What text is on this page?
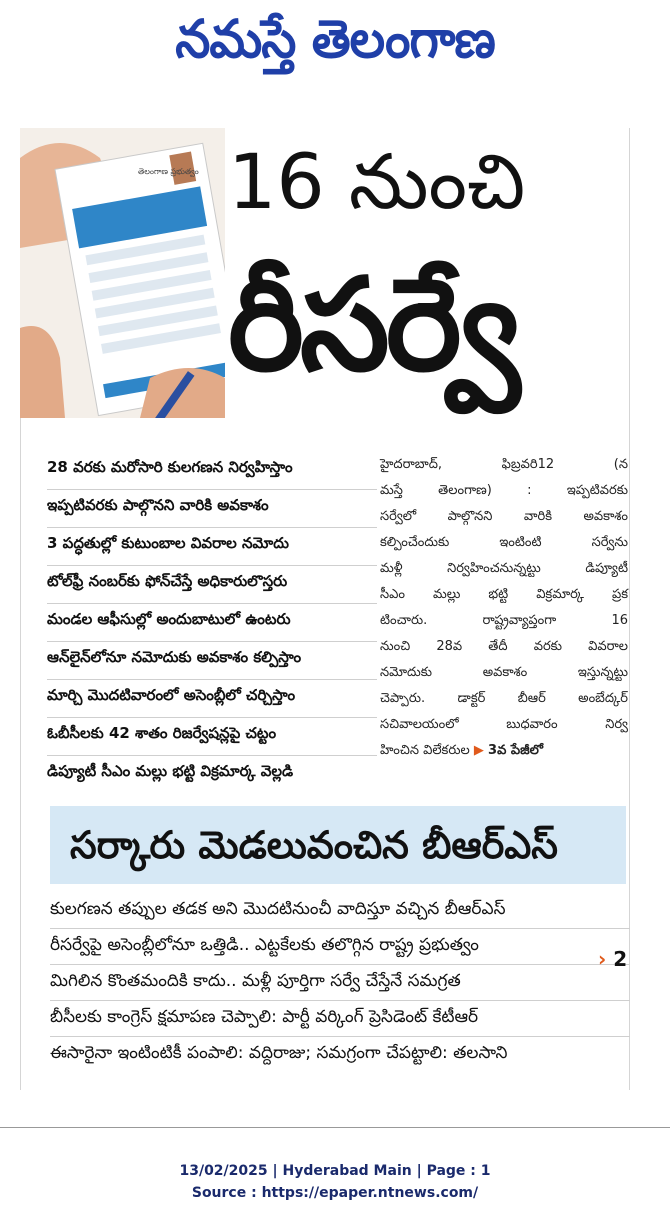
నమస్తే తెలంగాణ
తెలంగాణ ప్రభుత్వం 16 నుంచి
రీసర్వే
28 వరకు మరోసారి కులగణన నిర్వహిస్తాం
ఇప్పటివరకు పాల్గొనని వారికి అవకాశం
3 పద్ధతుల్లో కుటుంబాల వివరాల నమోదు
టోల్‌ఫ్రీ నంబర్‌కు ఫోన్‌చేస్తే అధికారులొస్తరు
మండల ఆఫీసుల్లో అందుబాటులో ఉంటరు
ఆన్‌లైన్‌లోనూ నమోదుకు అవకాశం కల్పిస్తాం
మార్చి మొదటివారంలో అసెంబ్లీలో చర్చిస్తాం
ఓబీసీలకు 42 శాతం రిజర్వేషన్లపై చట్టం
డిప్యూటీ సీఎం మల్లు భట్టి విక్రమార్క వెల్లడి

హైదరాబాద్, ఫిబ్రవరి12 (న

మస్తే తెలంగాణ) : ఇప్పటివరకు

సర్వేలో పాల్గొనని వారికి అవకాశం

కల్పించేందుకు ఇంటింటి సర్వేను

మళ్లీ నిర్వహించనున్నట్టు డిప్యూటీ

సీఎం మల్లు భట్టి విక్రమార్క ప్రక

టించారు. రాష్ట్రవ్యాప్తంగా 16

నుంచి 28వ తేదీ వరకు వివరాల

నమోదుకు అవకాశం ఇస్తున్నట్టు

చెప్పారు. డాక్టర్ బీఆర్ అంబేద్కర్

సచివాలయంలో బుధవారం నిర్వ

హించిన విలేకరుల ▶ 3వ పేజీలో

సర్కారు మెడలువంచిన బీఆర్‌ఎస్
కులగణన తప్పుల తడక అని మొదటినుంచీ వాదిస్తూ వచ్చిన బీఆర్‌ఎస్
రీసర్వేపై అసెంబ్లీలోనూ ఒత్తిడి.. ఎట్టకేలకు తలొగ్గిన రాష్ట్ర ప్రభుత్వం
మిగిలిన కొంతమందికి కాదు.. మళ్లీ పూర్తిగా సర్వే చేస్తేనే సమగ్రత
బీసీలకు కాంగ్రెస్ క్షమాపణ చెప్పాలి: పార్టీ వర్కింగ్ ప్రెసిడెంట్ కేటీఆర్
ఈసారైనా ఇంటింటికీ పంపాలి: వద్దిరాజు; సమగ్రంగా చేపట్టాలి: తలసాని
› 2
13/02/2025 | Hyderabad Main | Page : 1
Source : https://epaper.ntnews.com/
